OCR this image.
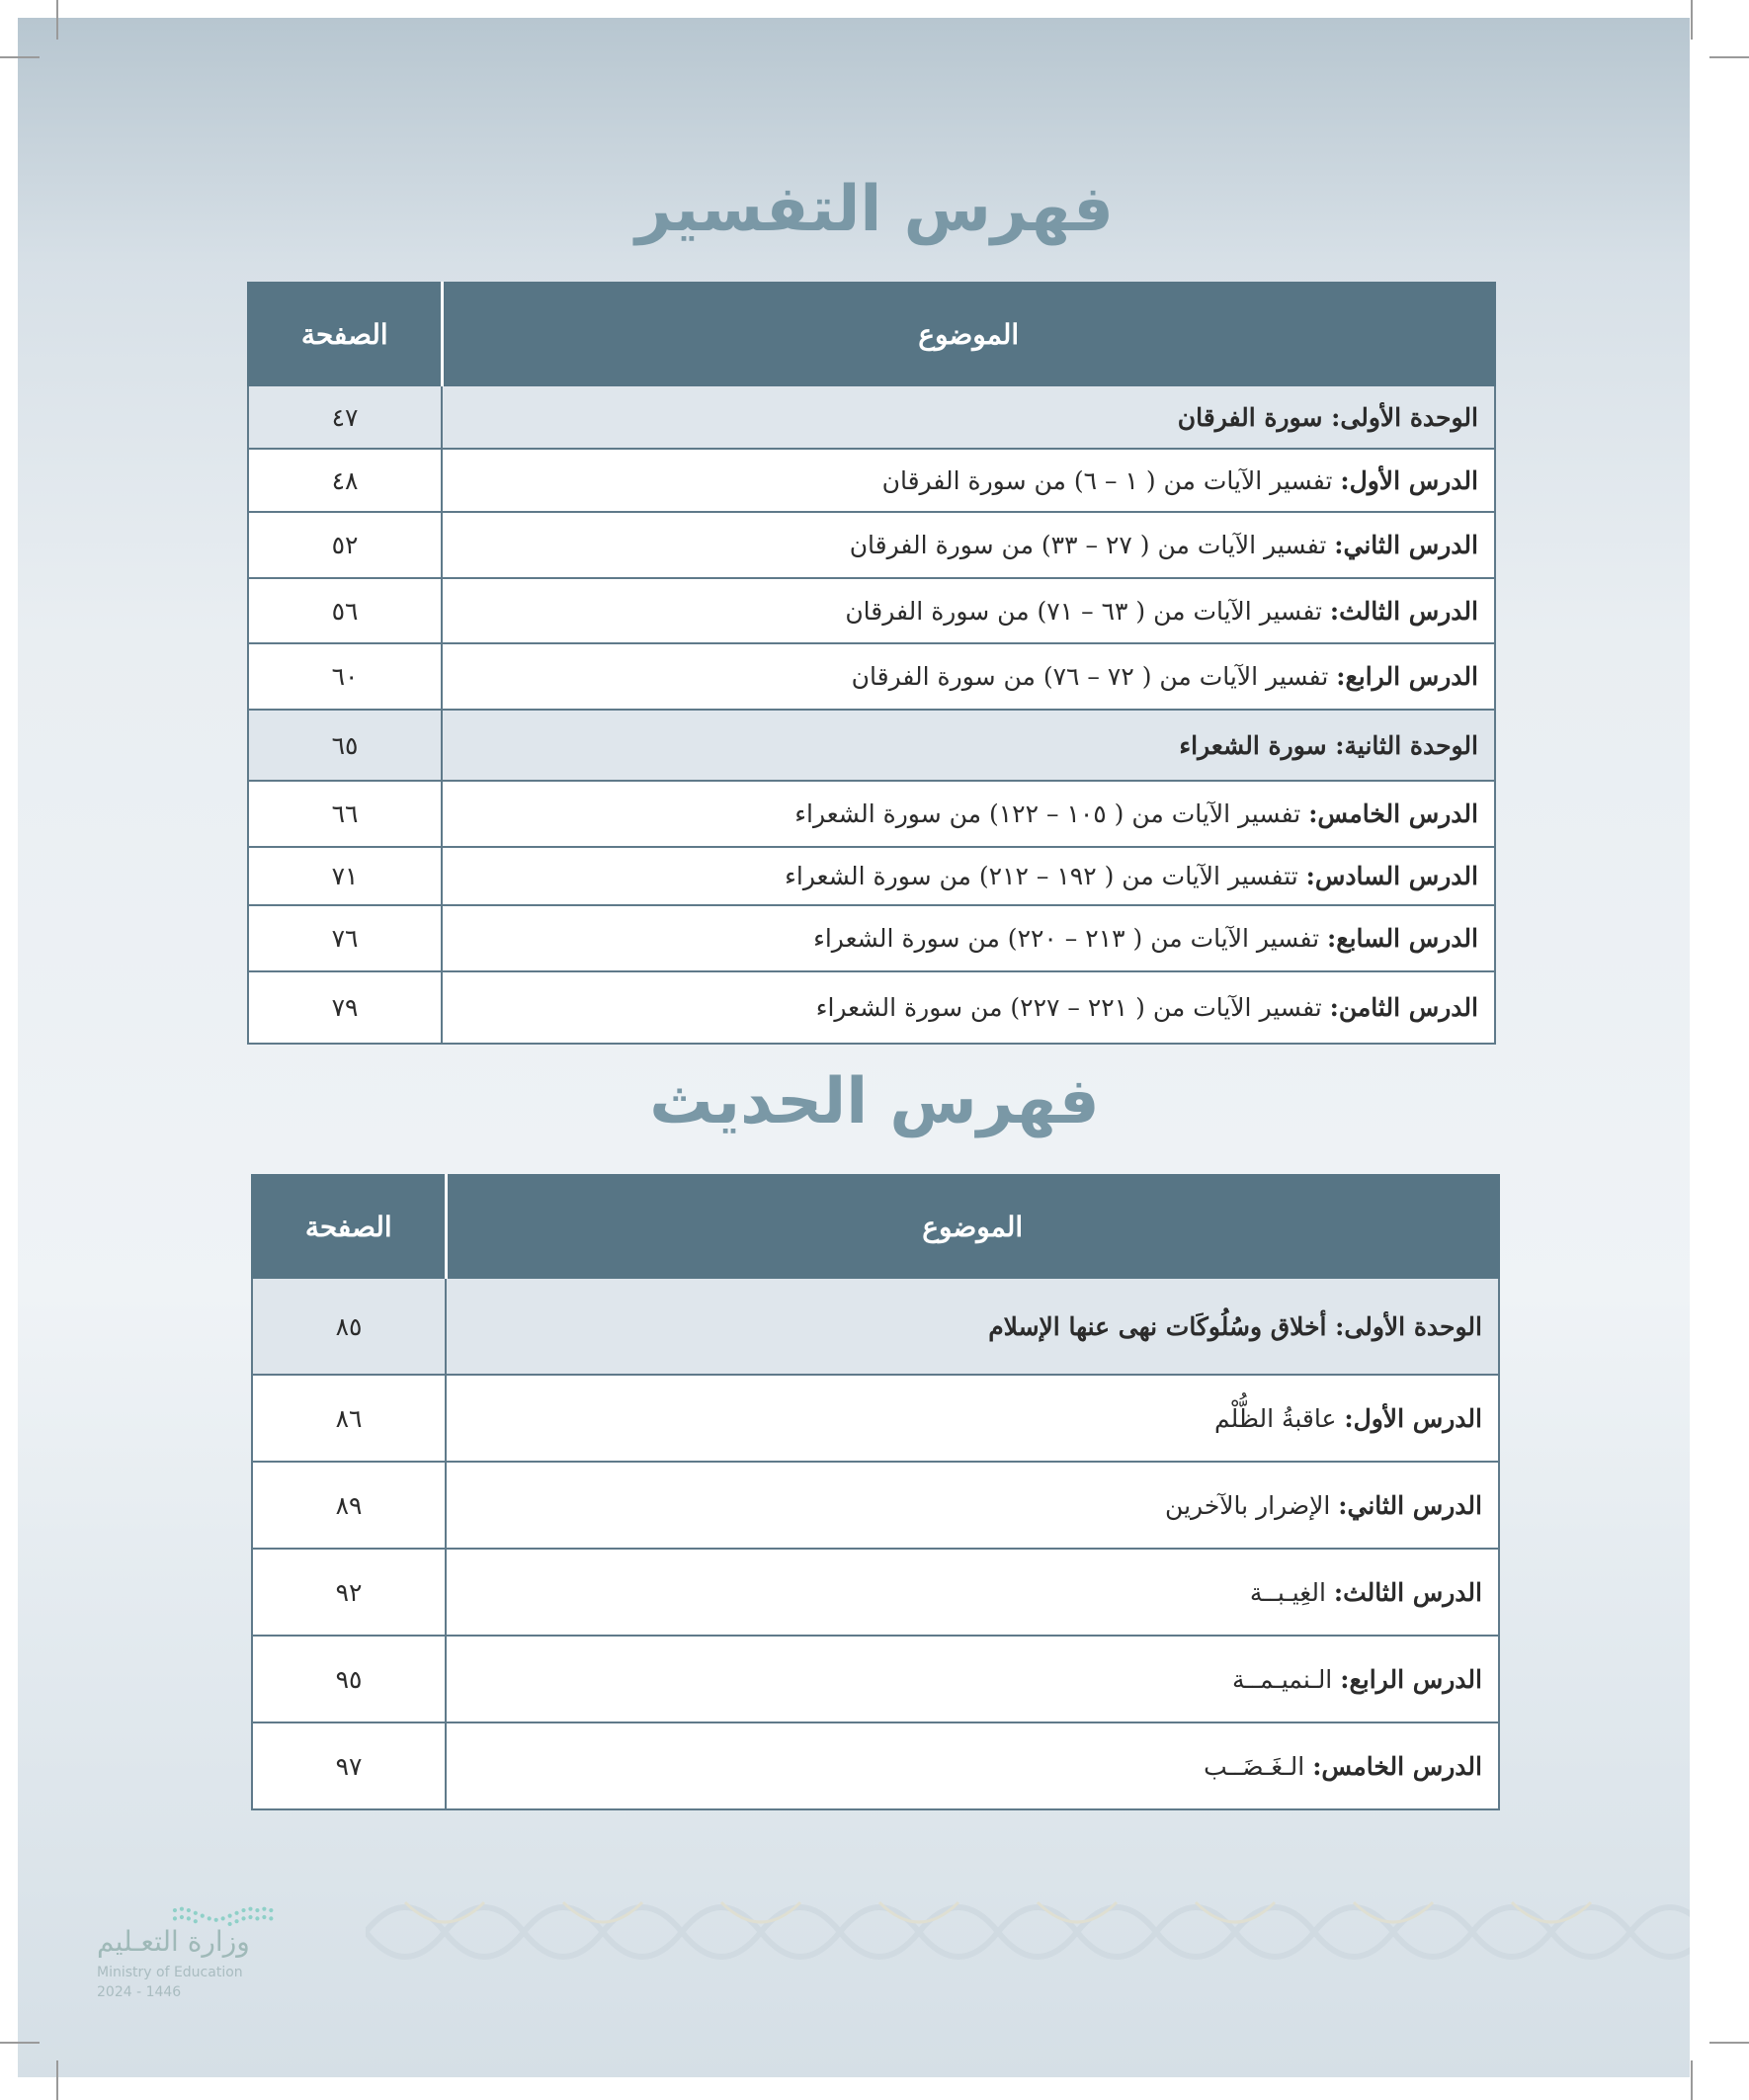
فهرس التفسير
الموضوع	الصفحة
الوحدة الأولى: سورة الفرقان	٤٧
الدرس الأول: تفسير الآيات من ( ١ – ٦) من سورة الفرقان	٤٨
الدرس الثاني: تفسير الآيات من ( ٢٧ – ٣٣) من سورة الفرقان	٥٢
الدرس الثالث: تفسير الآيات من ( ٦٣ – ٧١) من سورة الفرقان	٥٦
الدرس الرابع: تفسير الآيات من ( ٧٢ – ٧٦) من سورة الفرقان	٦٠
الوحدة الثانية: سورة الشعراء	٦٥
الدرس الخامس: تفسير الآيات من ( ١٠٥ – ١٢٢) من سورة الشعراء	٦٦
الدرس السادس: تتفسير الآيات من ( ١٩٢ – ٢١٢) من سورة الشعراء	٧١
الدرس السابع: تفسير الآيات من ( ٢١٣ – ٢٢٠) من سورة الشعراء	٧٦
الدرس الثامن: تفسير الآيات من ( ٢٢١ – ٢٢٧) من سورة الشعراء	٧٩
فهرس الحديث
الموضوع	الصفحة
الوحدة الأولى: أخلاق وسُلُوكَات نهى عنها الإسلام	٨٥
الدرس الأول: عاقبةُ الظُّلْم	٨٦
الدرس الثاني: الإضرار بالآخرين	٨٩
الدرس الثالث: الغِيـبــة	٩٢
الدرس الرابع: الـنميـمــة	٩٥
الدرس الخامس: الـغَـضَــب	٩٧
وزارة التعـليم
Ministry of Education
2024 - 1446
